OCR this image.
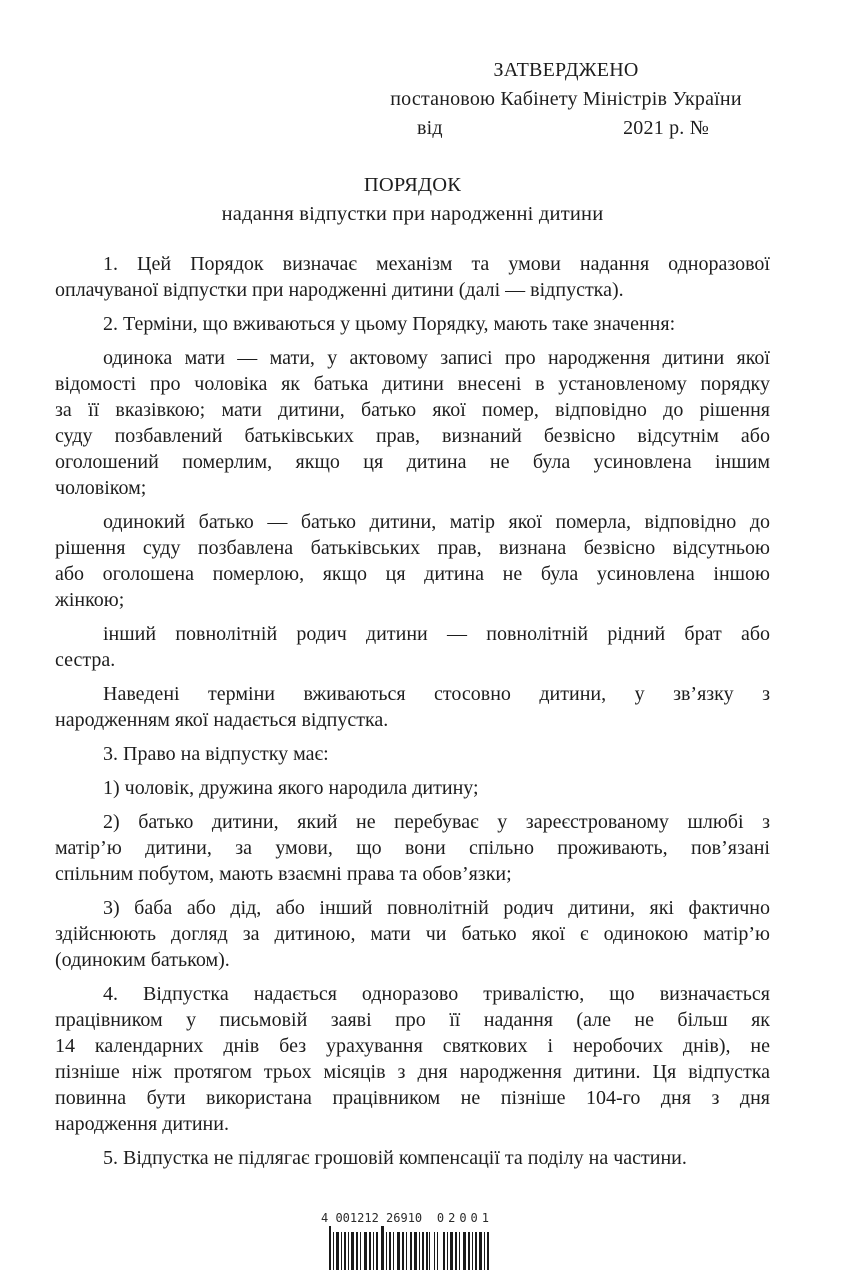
ЗАТВЕРДЖЕНО
постановою Кабінету Міністрів України
від	2021 р. №
ПОРЯДОК
надання відпустки при народженні дитини

1. Цей Порядок визначає механізм та умови надання одноразової
оплачуваної відпустки при народженні дитини (далі — відпустка).

2. Терміни, що вживаються у цьому Порядку, мають таке значення:

одинока мати — мати, у актовому записі про народження дитини якої
відомості про чоловіка як батька дитини внесені в установленому порядку
за її вказівкою; мати дитини, батько якої помер, відповідно до рішення
суду позбавлений батьківських прав, визнаний безвісно відсутнім або
оголошений померлим, якщо ця дитина не була усиновлена іншим
чоловіком;

одинокий батько — батько дитини, матір якої померла, відповідно до
рішення суду позбавлена батьківських прав, визнана безвісно відсутньою
або оголошена померлою, якщо ця дитина не була усиновлена іншою
жінкою;

інший повнолітній родич дитини — повнолітній рідний брат або
сестра.

Наведені терміни вживаються стосовно дитини, у зв’язку з
народженням якої надається відпустка.

3. Право на відпустку має:

1) чоловік, дружина якого народила дитину;

2) батько дитини, який не перебуває у зареєстрованому шлюбі з
матір’ю дитини, за умови, що вони спільно проживають, пов’язані
спільним побутом, мають взаємні права та обов’язки;

3) баба або дід, або інший повнолітній родич дитини, які фактично
здійснюють догляд за дитиною, мати чи батько якої є одинокою матір’ю
(одиноким батьком).

4. Відпустка надається одноразово тривалістю, що визначається
працівником у письмовій заяві про її надання (але не більш як
14 календарних днів без урахування святкових і неробочих днів), не
пізніше ніж протягом трьох місяців з дня народження дитини. Ця відпустка
повинна бути використана працівником не пізніше 104-го дня з дня
народження дитини.

5. Відпустка не підлягає грошовій компенсації та поділу на частини.

4 001212 26910 02001
